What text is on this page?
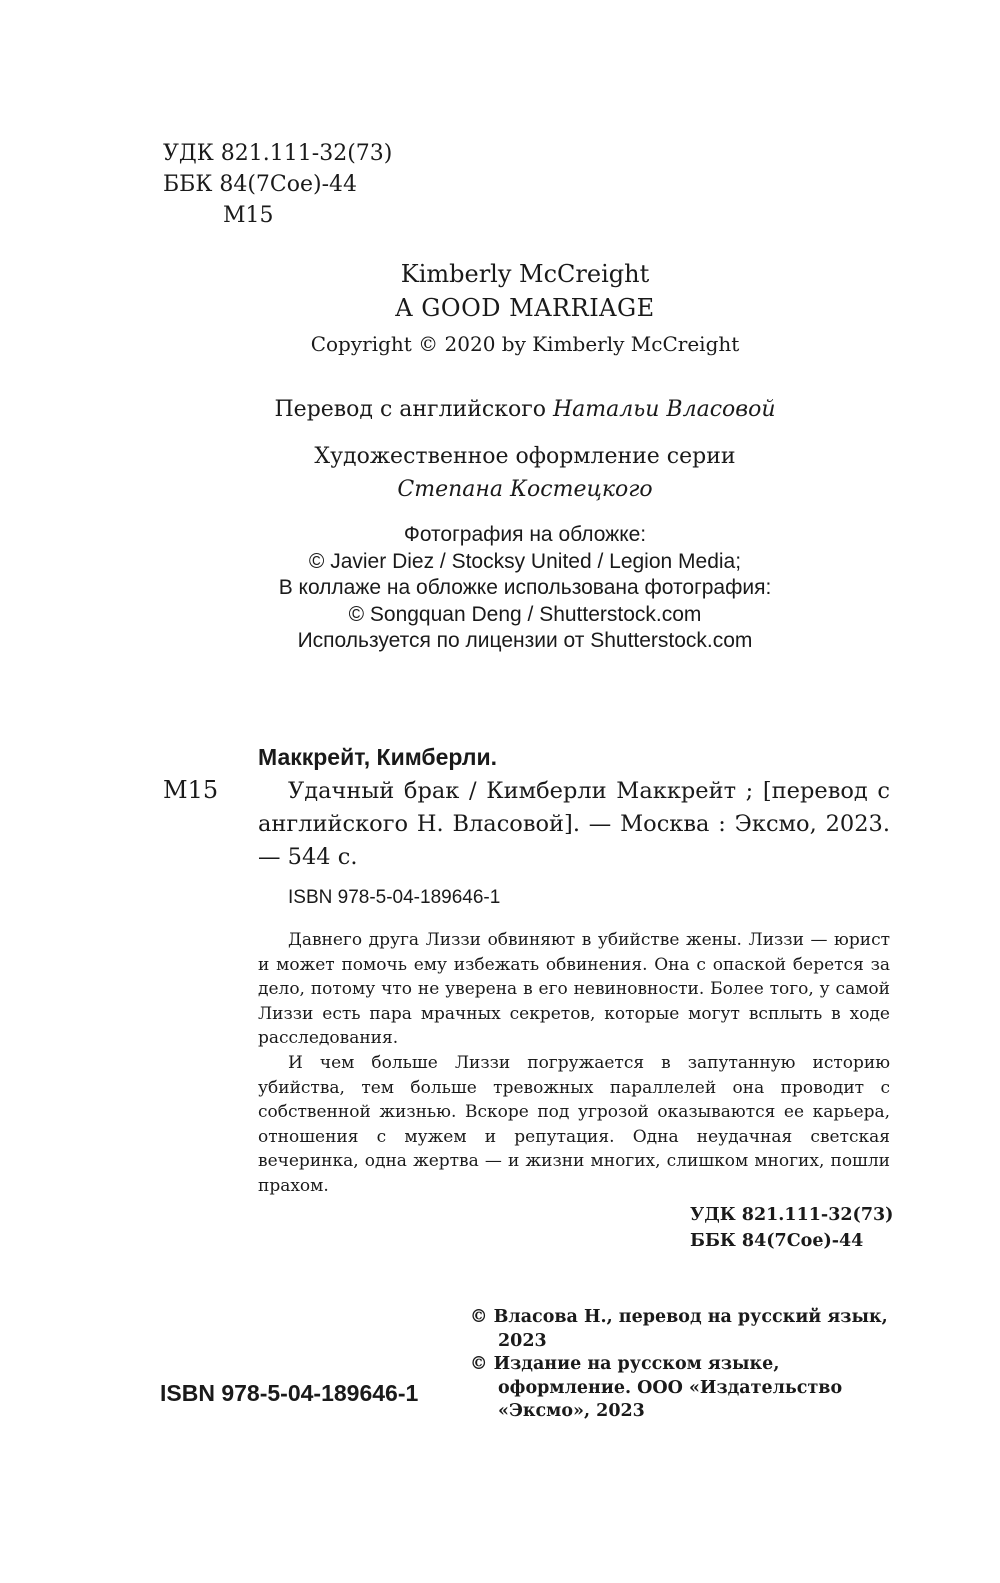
УДК 821.111-32(73)
ББК 84(7Сое)-44
М15
Kimberly McCreight
A GOOD MARRIAGE
Copyright © 2020 by Kimberly McCreight
Перевод с английского Натальи Власовой
Художественное оформление серии
Степана Костецкого
Фотография на обложке:
© Javier Diez / Stocksy United / Legion Media;
В коллаже на обложке использована фотография:
© Songquan Deng / Shutterstock.com
Используется по лицензии от Shutterstock.com
Маккрейт, Кимберли.
М15	Удачный брак / Кимберли Маккрейт ; [перевод с английского Н. Власовой]. — Москва : Эксмо, 2023. — 544 с.
ISBN 978-5-04-189646-1

Давнего друга Лиззи обвиняют в убийстве жены. Лиззи — юрист и может помочь ему избежать обвинения. Она с опаской берется за дело, потому что не уверена в его невиновности. Более того, у самой Лиззи есть пара мрачных секретов, которые могут всплыть в ходе расследования.

И чем больше Лиззи погружается в запутанную историю убийства, тем больше тревожных параллелей она проводит с собственной жизнью. Вскоре под угрозой оказываются ее карьера, отношения с мужем и репутация. Одна неудачная светская вечеринка, одна жертва — и жизни многих, слишком многих, пошли прахом.

УДК 821.111-32(73)
ББК 84(7Сое)-44
© Власова Н., перевод на русский язык, 2023
© Издание на русском языке, оформление. ООО «Издательство «Эксмо», 2023
ISBN 978-5-04-189646-1
